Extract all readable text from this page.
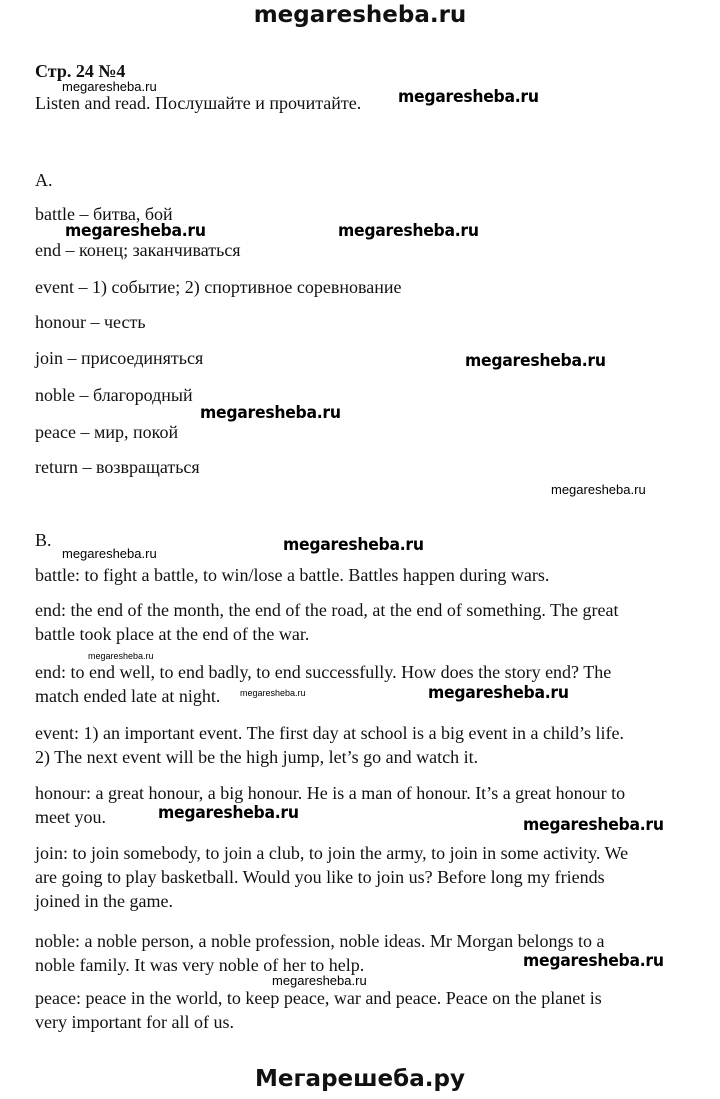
megaresheba.ru
Стр. 24 №4
Listen and read. Послушайте и прочитайте.
A.
battle – битва, бой
end – конец; заканчиваться
event – 1) событие; 2) спортивное соревнование
honour – честь
join – присоединяться
noble – благородный
peace – мир, покой
return – возвращаться
B.
battle: to fight a battle, to win/lose a battle. Battles happen during wars.
end: the end of the month, the end of the road, at the end of something. The great
battle took place at the end of the war.
end: to end well, to end badly, to end successfully. How does the story end? The
match ended late at night.
event: 1) an important event. The first day at school is a big event in a child’s life.
2) The next event will be the high jump, let’s go and watch it.
honour: a great honour, a big honour. He is a man of honour. It’s a great honour to
meet you.
join: to join somebody, to join a club, to join the army, to join in some activity. We
are going to play basketball. Would you like to join us? Before long my friends
joined in the game.
noble: a noble person, a noble profession, noble ideas. Mr Morgan belongs to a
noble family. It was very noble of her to help.
peace: peace in the world, to keep peace, war and peace. Peace on the planet is
very important for all of us.
megaresheba.ru
megaresheba.ru
megaresheba.ru	megaresheba.ru
megaresheba.ru
megaresheba.ru
megaresheba.ru
megaresheba.ru	megaresheba.ru
megaresheba.ru
megaresheba.ru	megaresheba.ru
megaresheba.ru
megaresheba.ru
megaresheba.ru
megaresheba.ru
Мегарешеба.ру
